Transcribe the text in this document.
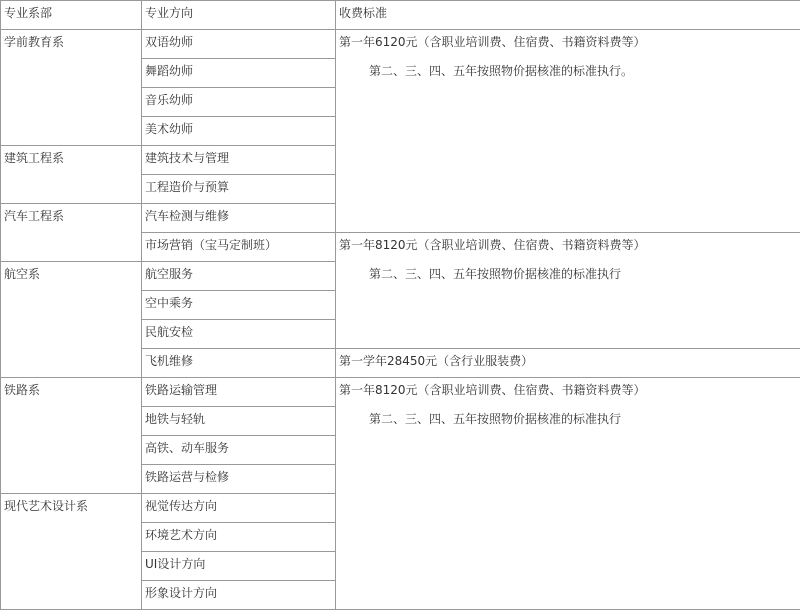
专业系部	专业方向	收费标准

学前教育系	双语幼师	第一年6120元（含职业培训费、住宿费、书籍资料费等）
第二、三、四、五年按照物价据核准的标准执行。

	舞蹈幼师	

	音乐幼师	

	美术幼师	

建筑工程系	建筑技术与管理	

	工程造价与预算	

汽车工程系	汽车检测与维修	

	市场营销（宝马定制班）	第一年8120元（含职业培训费、住宿费、书籍资料费等）
第二、三、四、五年按照物价据核准的标准执行

航空系	航空服务	

	空中乘务	

	民航安检	

	飞机维修	第一学年28450元（含行业服装费）

铁路系	铁路运输管理	第一年8120元（含职业培训费、住宿费、书籍资料费等）
第二、三、四、五年按照物价据核准的标准执行

	地铁与轻轨	

	高铁、动车服务	

	铁路运营与检修	

现代艺术设计系	视觉传达方向	

	环境艺术方向	

	UI设计方向	

	形象设计方向	
